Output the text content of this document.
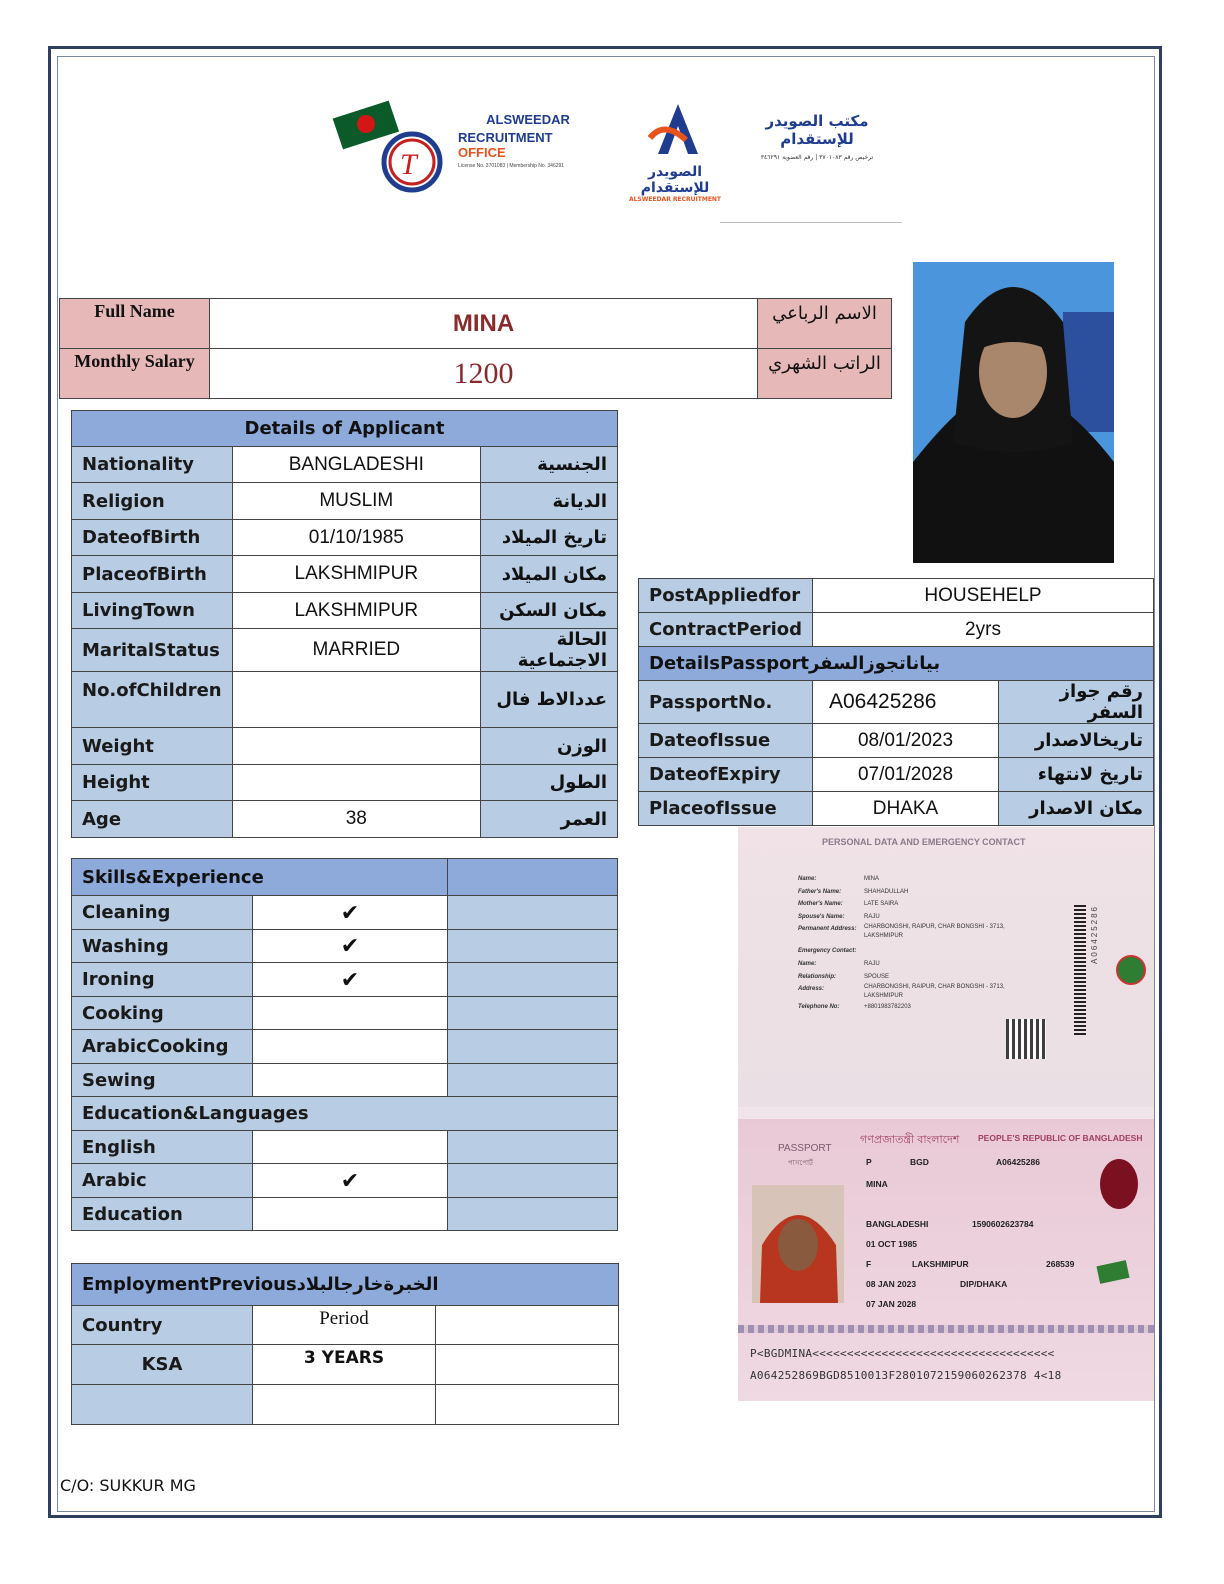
T
ALSWEEDAR
RECRUITMENT OFFICE
License No. 3701083 | Membership No. 346291	الصويدر للإستقدام
ALSWEEDAR RECRUITMENT
مكتب الصويدر للإستقدام
ترخيص رقم ٣٧٠١٠٨٣ | رقم العضوية ٣٤٦٢٩١
Full Name	MINA	الاسم الرباعي
Monthly Salary	1200	الراتب الشهري
Details of Applicant		
Nationality	BANGLADESHI	الجنسية
Religion	MUSLIM	الديانة
DateofBirth	01/10/1985	تاريخ الميلاد
PlaceofBirth	LAKSHMIPUR	مكان الميلاد
LivingTown	LAKSHMIPUR	مكان السكن
MaritalStatus	MARRIED	الحالة الاجتماعية
No.ofChildren		عددالاط فال
Weight		الوزن
Height		الطول
Age	38	العمر
PostAppliedfor	HOUSEHELP	
ContractPeriod	2yrs	
DetailsPassportبياناتجوزالسفر		
PassportNo.	A06425286	رقم جواز السفر
DateofIssue	08/01/2023	تاريخالاصدار
DateofExpiry	07/01/2028	تاريخ لانتهاء
PlaceofIssue	DHAKA	مكان الاصدار
Skills&Experience		
Cleaning	✔	
Washing	✔	
Ironing	✔	
Cooking		
ArabicCooking		
Sewing		
Education&Languages		
English		
Arabic	✔	
Education		
EmploymentPreviousالخبرةخارجالبلاد		
Country	Period	
KSA	3 YEARS	

PERSONAL DATA AND EMERGENCY CONTACT
Name:	MINA
Father's Name:	SHAHADULLAH
Mother's Name:	LATE SAIRA
Spouse's Name:	RAJU
Permanent Address:	CHARBONGSHI, RAIPUR, CHAR BONGSHI - 3713, LAKSHMIPUR
Emergency Contact:
Name:	RAJU
Relationship:	SPOUSE
Address:	CHARBONGSHI, RAIPUR, CHAR BONGSHI - 3713, LAKSHMIPUR
Telephone No:	+8801983782203
A06425286
PASSPORT
পাসপোর্ট
গণপ্রজাতন্ত্রী বাংলাদেশ PEOPLE'S REPUBLIC OF BANGLADESH
P	BGD	A06425286
MINA
BANGLADESHI	1590602623784
01 OCT 1985
F	LAKSHMIPUR	268539
08 JAN 2023	DIP/DHAKA
07 JAN 2028
P<BGDMINA<<<<<<<<<<<<<<<<<<<<<<<<<<<<<<<<<<<
A064252869BGD8510013F2801072159060262378 4<18
C/O: SUKKUR MG
